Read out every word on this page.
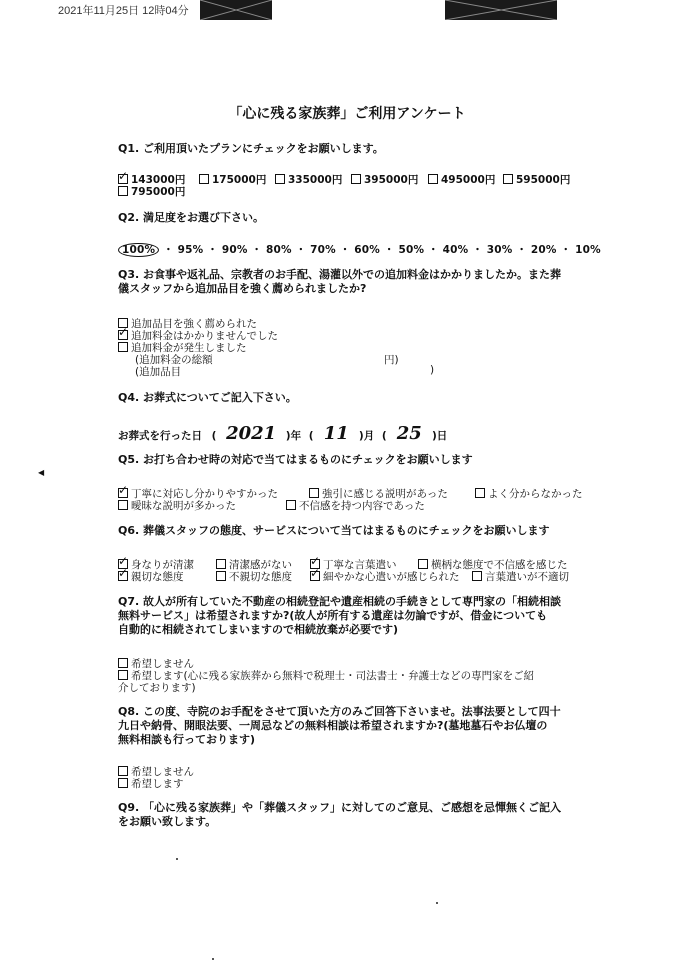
2021年11月25日 12時04分
「心に残る家族葬」ご利用アンケート
Q1. ご利用頂いたプランにチェックをお願いします。
✓143000円	175000円	335000円	395000円	495000円	595000円
795000円
Q2. 満足度をお選び下さい。
100% ・ 95% ・ 90% ・ 80% ・ 70% ・ 60% ・ 50% ・ 40% ・ 30% ・ 20% ・ 10%
Q3. お食事や返礼品、宗教者のお手配、湯灌以外での追加料金はかかりましたか。また葬
儀スタッフから追加品目を強く薦められましたか?
追加品目を強く薦められた
✓追加料金はかかりませんでした
追加料金が発生しました
(追加料金の総額	円)
(追加品目	)
Q4. お葬式についてご記入下さい。
お葬式を行った日 ( 2021 )年 ( 11 )月 ( 25 )日
Q5. お打ち合わせ時の対応で当てはまるものにチェックをお願いします
✓丁寧に対応し分かりやすかった	強引に感じる説明があった	よく分からなかった
曖昧な説明が多かった	不信感を持つ内容であった
Q6. 葬儀スタッフの態度、サービスについて当てはまるものにチェックをお願いします
✓身なりが清潔	清潔感がない ✓	丁寧な言葉遣い	横柄な態度で不信感を感じた
✓親切な態度	不親切な態度 ✓	細やかな心遣いが感じられた	言葉遣いが不適切
Q7. 故人が所有していた不動産の相続登記や遺産相続の手続きとして専門家の「相続相談
無料サービス」は希望されますか?(故人が所有する遺産は勿論ですが、借金についても
自動的に相続されてしまいますので相続放棄が必要です)
希望しません
希望します(心に残る家族葬から無料で税理士・司法書士・弁護士などの専門家をご紹
介しております)
Q8. この度、寺院のお手配をさせて頂いた方のみご回答下さいませ。法事法要として四十
九日や納骨、開眼法要、一周忌などの無料相談は希望されますか?(墓地墓石やお仏壇の
無料相談も行っております)
希望しません
希望します
Q9. 「心に残る家族葬」や「葬儀スタッフ」に対してのご意見、ご感想を忌憚無くご記入
をお願い致します。
◀
